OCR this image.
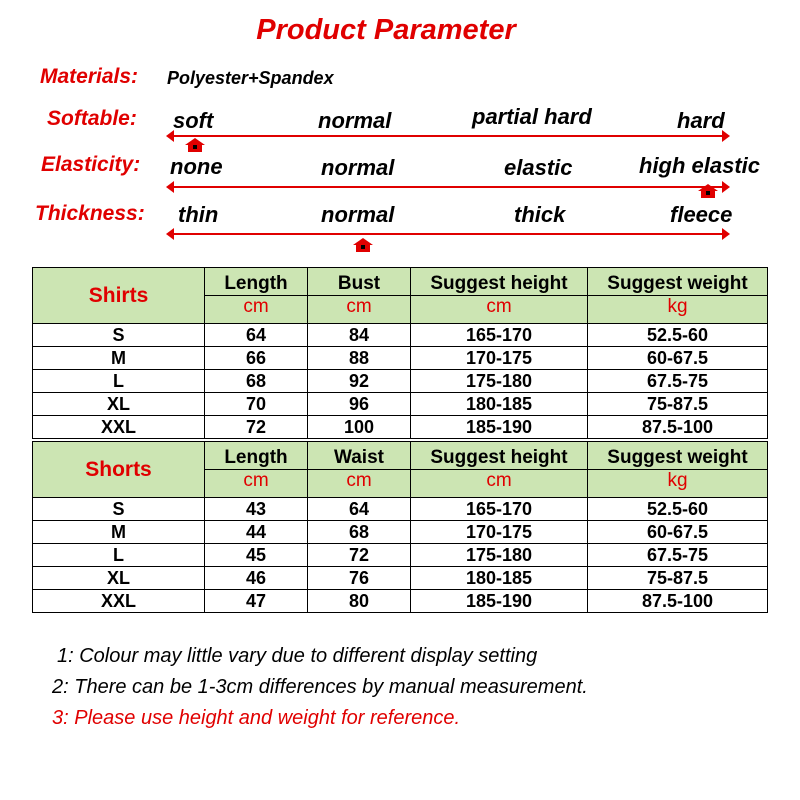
Product Parameter
Materials: Polyester+Spandex
Softable: soft	normal	partial hard	hard
Elasticity: none	normal	elastic	high elastic
Thickness: thin	normal	thick	fleece
Shirts	Length	Bust	Suggest height	Suggest weight
	cm	cm	cm	kg
S	64	84	165-170	52.5-60
M	66	88	170-175	60-67.5
L	68	92	175-180	67.5-75
XL	70	96	180-185	75-87.5
XXL	72	100	185-190	87.5-100
Shorts	Length	Waist	Suggest height	Suggest weight
	cm	cm	cm	kg
S	43	64	165-170	52.5-60
M	44	68	170-175	60-67.5
L	45	72	175-180	67.5-75
XL	46	76	180-185	75-87.5
XXL	47	80	185-190	87.5-100
1: Colour may little vary due to different display setting
2: There can be 1-3cm differences by manual measurement.
3: Please use height and weight for reference.
